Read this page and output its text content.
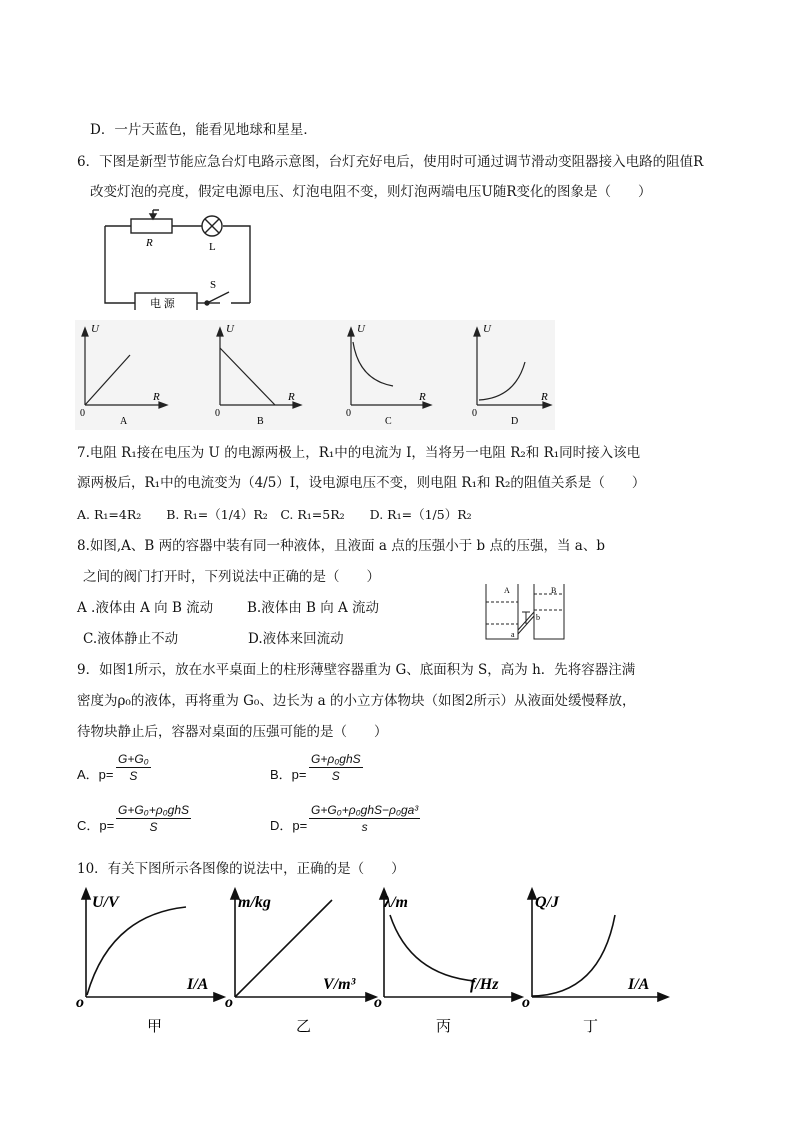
D．一片天蓝色，能看见地球和星星．
6．下图是新型节能应急台灯电路示意图，台灯充好电后，使用时可通过调节滑动变阻器接入电路的阻值R
改变灯泡的亮度，假定电源电压、灯泡电阻不变，则灯泡两端电压U随R变化的图象是（　　）
R	L
S
电 源
U
R
U
R
U
R
U
R
0	0	0	0
A	B	C	D
7.电阻 R₁接在电压为 U 的电源两极上，R₁中的电流为 I，当将另一电阻 R₂和 R₁同时接入该电
源两极后，R₁中的电流变为（4/5）I，设电源电压不变，则电阻 R₁和 R₂的阻值关系是（　　）
A. R₁=4R₂　　B. R₁=（1/4）R₂　C. R₁=5R₂　　D. R₁=（1/5）R₂
8.如图,A、B 两的容器中装有同一种液体，且液面 a 点的压强小于 b 点的压强，当 a、b
之间的阀门打开时，下列说法中正确的是（　　）
A .液体由 A 向 B 流动	B.液体由 B 向 A 流动
C.液体静止不动	D.液体来回流动
A	B
a
b
9．如图1所示，放在水平桌面上的柱形薄壁容器重为 G、底面积为 S，高为 h．先将容器注满
密度为ρ₀的液体，再将重为 G₀、边长为 a 的小立方体物块（如图2所示）从液面处缓慢释放，
待物块静止后，容器对桌面的压强可能的是（　　）
A．$p= \frac{\text{G+G₀}}{S}$	B．p=
G+ρ₀ghS
S
C．p=
G+G₀+ρ₀ghS
S	D．p=
G+G₀+ρ₀ghS−ρ₀ga³
s
10．有关下图所示各图像的说法中，正确的是（　　）
U/V
I/A
m/kg
V/m³
λ/m
f/Hz
Q/J
I/A
o	o	o	o
甲	乙	丙	丁
